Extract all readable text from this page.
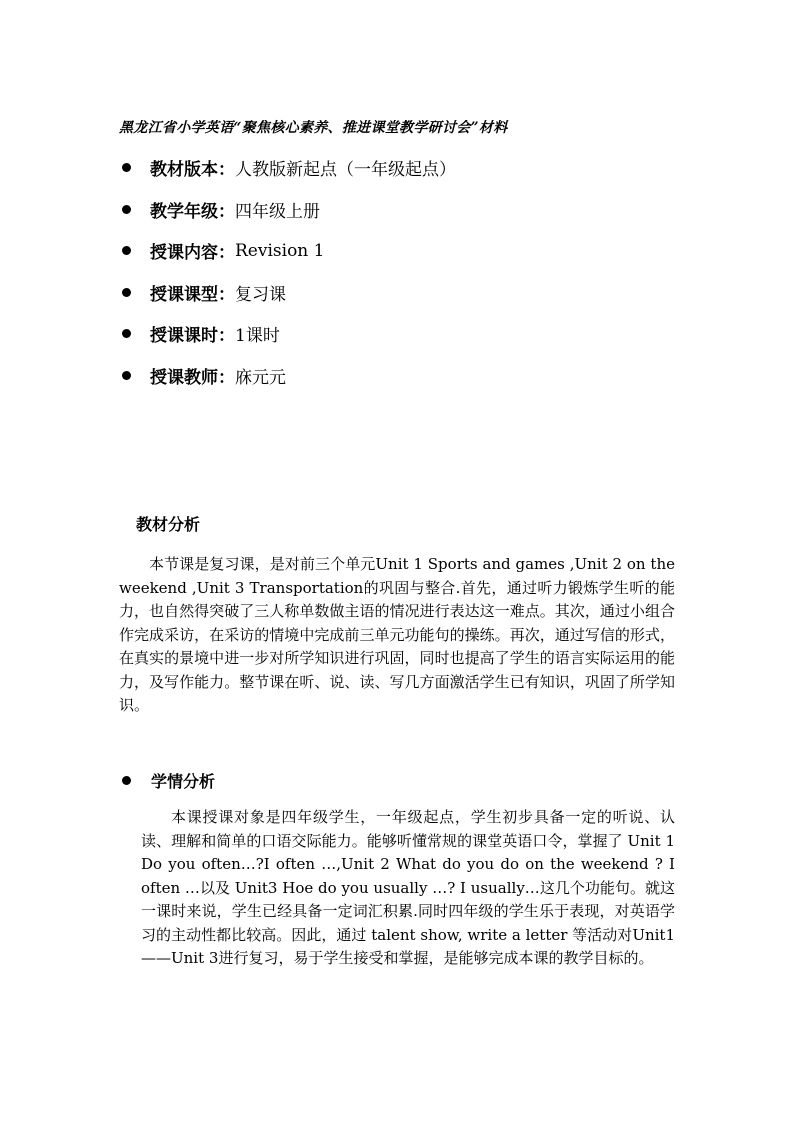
黑龙江省小学英语“聚焦核心素养、推进课堂教学研讨会”材料
教材版本： 人教版新起点（一年级起点）
教学年级： 四年级上册
授课内容： Revision 1
授课课型： 复习课
授课课时： 1课时
授课教师： 庥元元
教材分析
本节课是复习课，是对前三个单元Unit 1 Sports and games ,Unit 2 on the weekend ,Unit 3 Transportation的巩固与整合.首先，通过听力锻炼学生听的能力，也自然得突破了三人称单数做主语的情况进行表达这一难点。其次，通过小组合作完成采访，在采访的情境中完成前三单元功能句的操练。再次，通过写信的形式，在真实的景境中进一步对所学知识进行巩固，同时也提高了学生的语言实际运用的能力，及写作能力。整节课在听、说、读、写几方面激活学生已有知识，巩固了所学知识。
学情分析
本课授课对象是四年级学生，一年级起点，学生初步具备一定的听说、认读、理解和简单的口语交际能力。能够听懂常规的课堂英语口令，掌握了 Unit 1 Do you often…?I often …,Unit 2 What do you do on the weekend ? I often …以及 Unit3 Hoe do you usually …? I usually…这几个功能句。就这一课时来说，学生已经具备一定词汇积累.同时四年级的学生乐于表现，对英语学习的主动性都比较高。因此，通过 talent show, write a letter 等活动对Unit1——Unit 3进行复习，易于学生接受和掌握，是能够完成本课的教学目标的。
